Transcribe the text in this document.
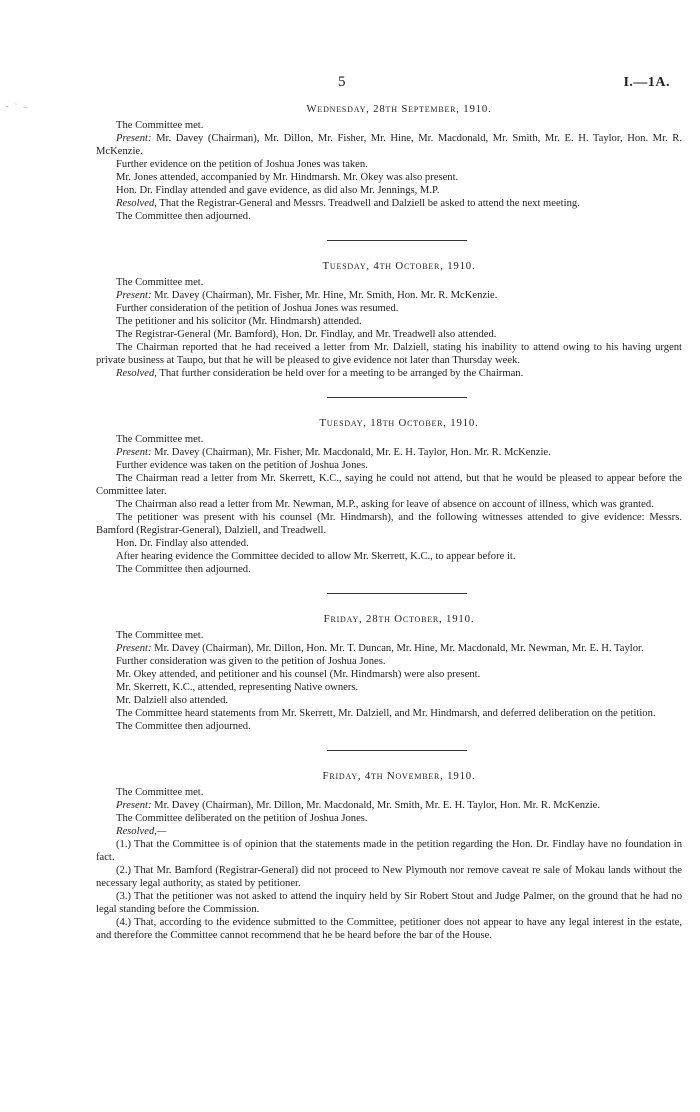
- ˙ ‒
5	I.—1A.
Wednesday, 28th September, 1910.

The Committee met.

Present: Mr. Davey (Chairman), Mr. Dillon, Mr. Fisher, Mr. Hine, Mr. Macdonald, Mr. Smith, Mr. E. H. Taylor, Hon. Mr. R. McKenzie.

Further evidence on the petition of Joshua Jones was taken.

Mr. Jones attended, accompanied by Mr. Hindmarsh. Mr. Okey was also present.

Hon. Dr. Findlay attended and gave evidence, as did also Mr. Jennings, M.P.

Resolved, That the Registrar-General and Messrs. Treadwell and Dalziell be asked to attend the next meeting.

The Committee then adjourned.

Tuesday, 4th October, 1910.

The Committee met.

Present: Mr. Davey (Chairman), Mr. Fisher, Mr. Hine, Mr. Smith, Hon. Mr. R. McKenzie.

Further consideration of the petition of Joshua Jones was resumed.

The petitioner and his solicitor (Mr. Hindmarsh) attended.

The Registrar-General (Mr. Bamford), Hon. Dr. Findlay, and Mr. Treadwell also attended.

The Chairman reported that he had received a letter from Mr. Dalziell, stating his inability to attend owing to his having urgent private business at Taupo, but that he will be pleased to give evidence not later than Thursday week.

Resolved, That further consideration be held over for a meeting to be arranged by the Chairman.

Tuesday, 18th October, 1910.

The Committee met.

Present: Mr. Davey (Chairman), Mr. Fisher, Mr. Macdonald, Mr. E. H. Taylor, Hon. Mr. R. McKenzie.

Further evidence was taken on the petition of Joshua Jones.

The Chairman read a letter from Mr. Skerrett, K.C., saying he could not attend, but that he would be pleased to appear before the Committee later.

The Chairman also read a letter from Mr. Newman, M.P., asking for leave of absence on account of illness, which was granted.

The petitioner was present with his counsel (Mr. Hindmarsh), and the following witnesses attended to give evidence: Messrs. Bamford (Registrar-General), Dalziell, and Treadwell.

Hon. Dr. Findlay also attended.

After hearing evidence the Committee decided to allow Mr. Skerrett, K.C., to appear before it.

The Committee then adjourned.

Friday, 28th October, 1910.

The Committee met.

Present: Mr. Davey (Chairman), Mr. Dillon, Hon. Mr. T. Duncan, Mr. Hine, Mr. Macdonald, Mr. Newman, Mr. E. H. Taylor.

Further consideration was given to the petition of Joshua Jones.

Mr. Okey attended, and petitioner and his counsel (Mr. Hindmarsh) were also present.

Mr. Skerrett, K.C., attended, representing Native owners.

Mr. Dalziell also attended.

The Committee heard statements from Mr. Skerrett, Mr. Dalziell, and Mr. Hindmarsh, and deferred deliberation on the petition.

The Committee then adjourned.

Friday, 4th November, 1910.

The Committee met.

Present: Mr. Davey (Chairman), Mr. Dillon, Mr. Macdonald, Mr. Smith, Mr. E. H. Taylor, Hon. Mr. R. McKenzie.

The Committee deliberated on the petition of Joshua Jones.

Resolved,—

(1.) That the Committee is of opinion that the statements made in the petition regarding the Hon. Dr. Findlay have no foundation in fact.

(2.) That Mr. Bamford (Registrar-General) did not proceed to New Plymouth nor remove caveat re sale of Mokau lands without the necessary legal authority, as stated by petitioner.

(3.) That the petitioner was not asked to attend the inquiry held by Sir Robert Stout and Judge Palmer, on the ground that he had no legal standing before the Commission.

(4.) That, according to the evidence submitted to the Committee, petitioner does not appear to have any legal interest in the estate, and therefore the Committee cannot recommend that he be heard before the bar of the House.
